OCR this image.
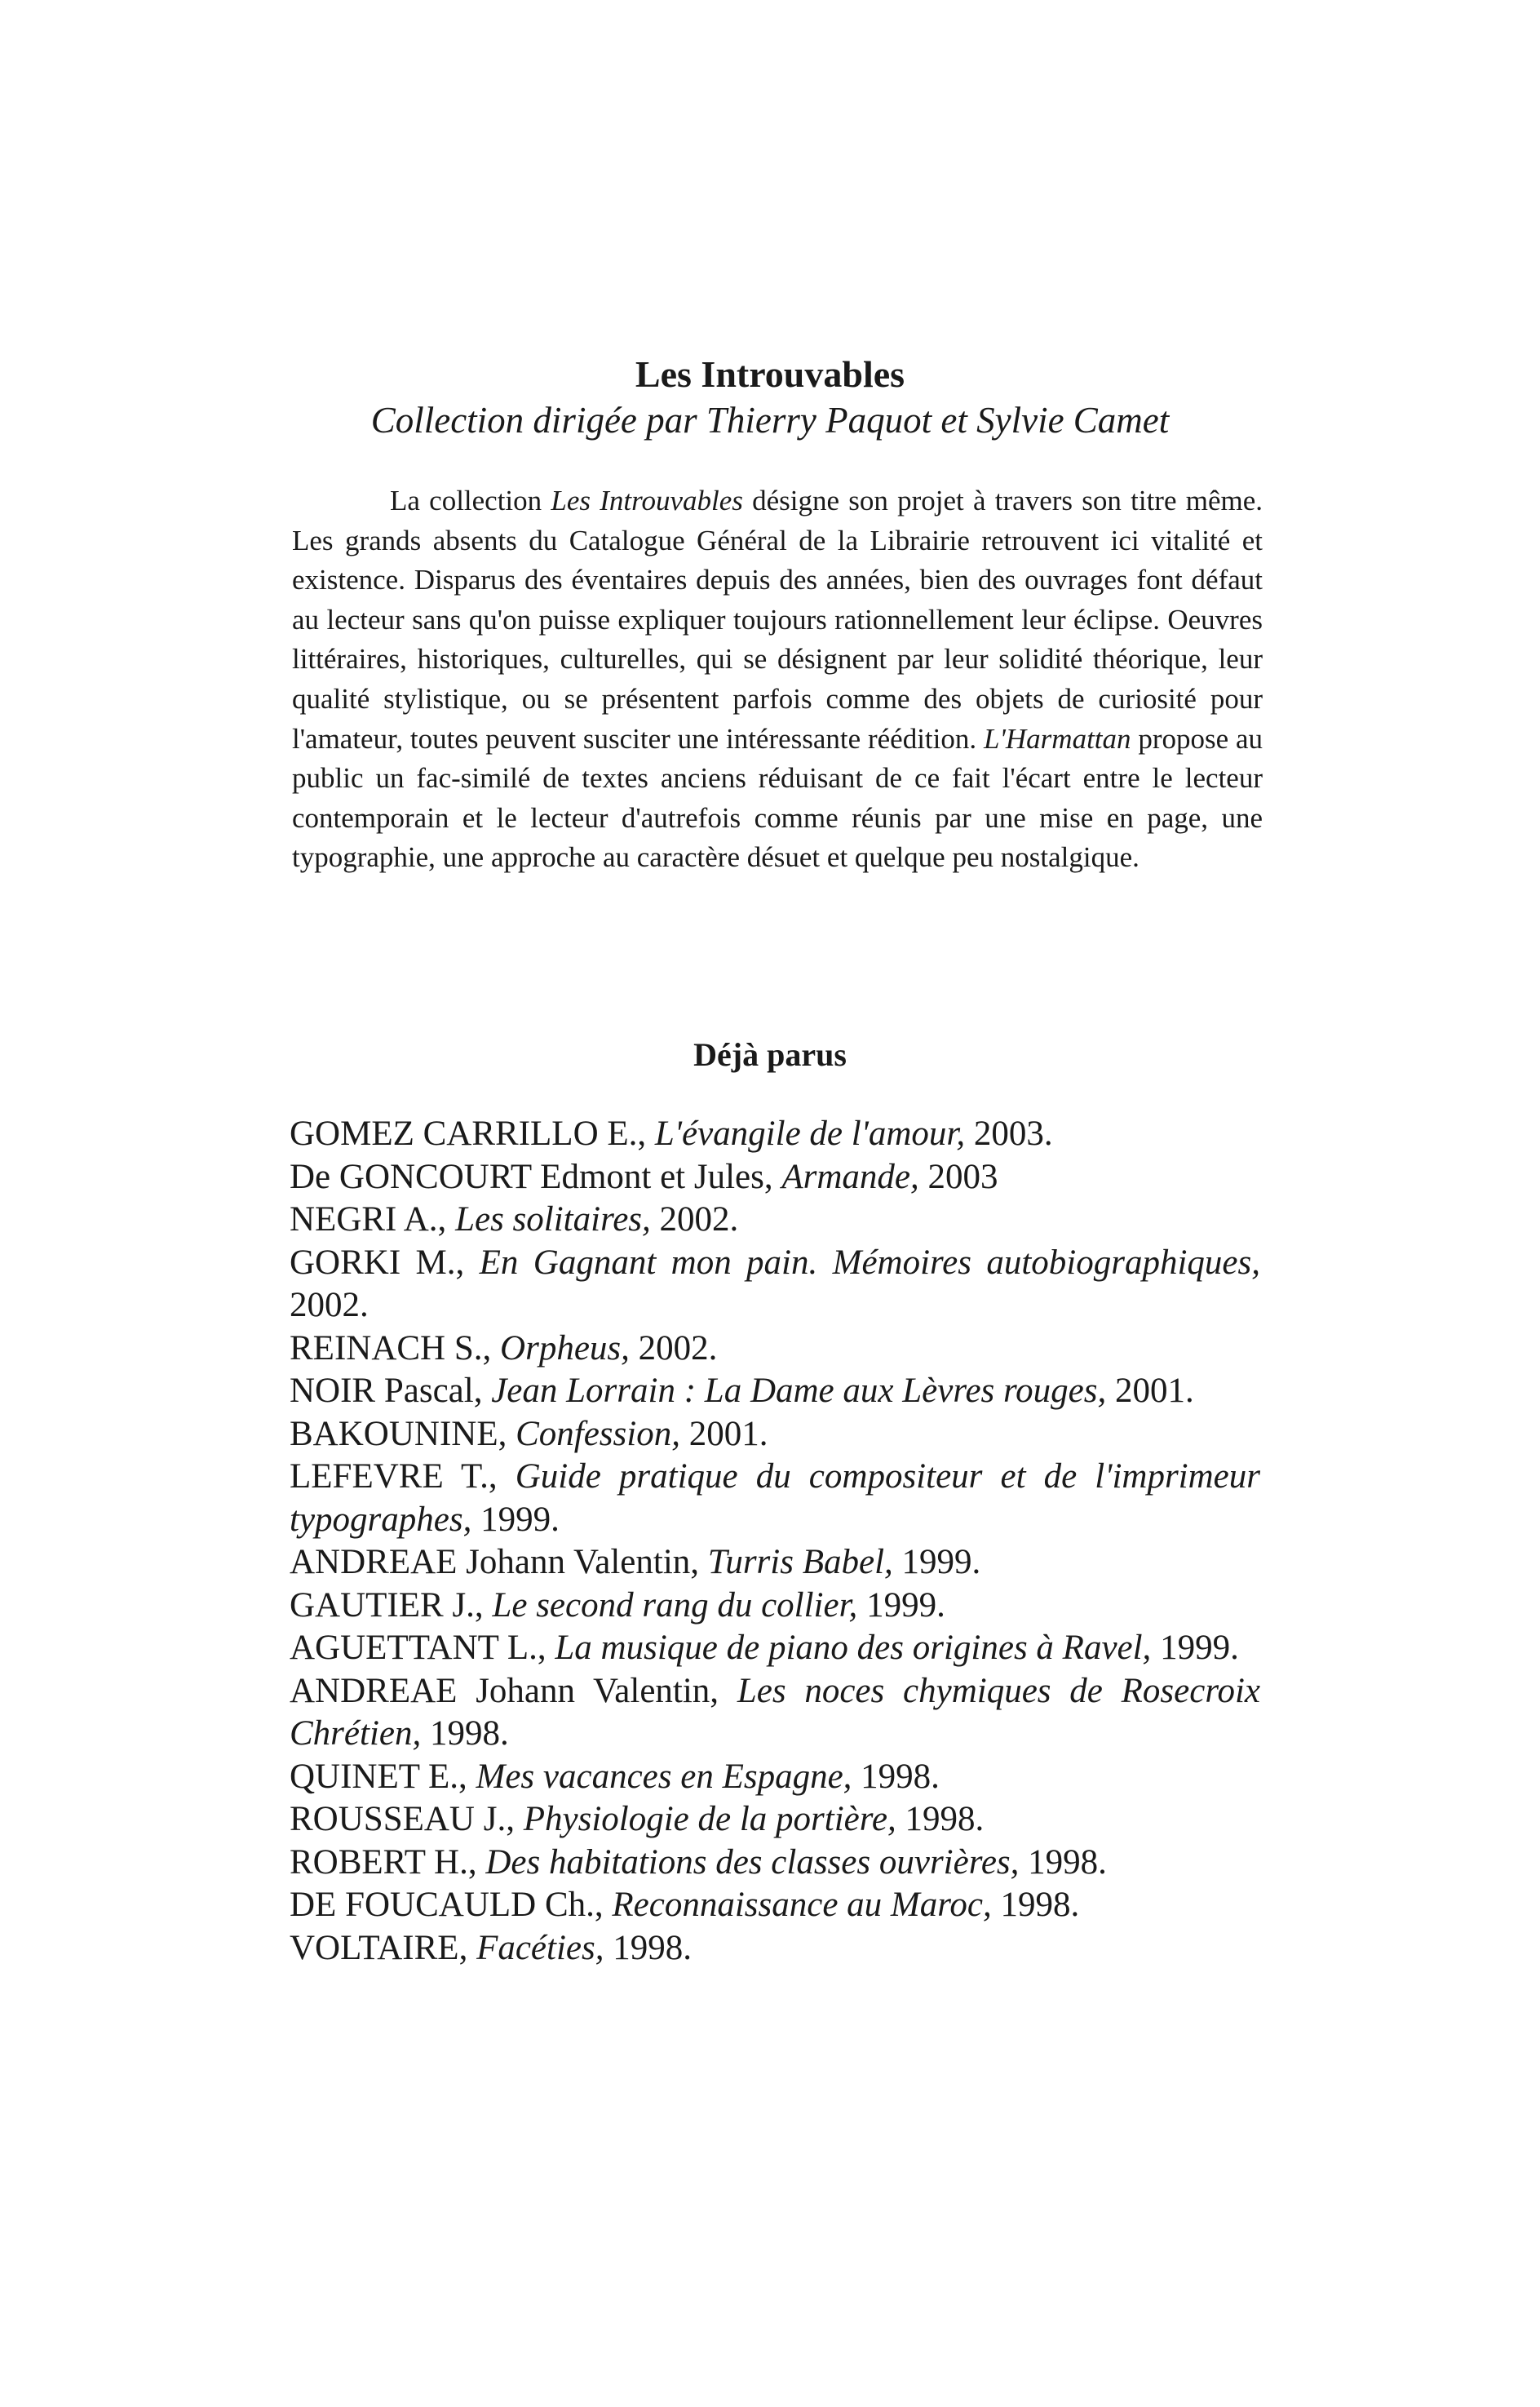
Les Introuvables
Collection dirigée par Thierry Paquot et Sylvie Camet

La collection Les Introuvables désigne son projet à travers son titre même. Les grands absents du Catalogue Général de la Librairie retrouvent ici vitalité et existence. Disparus des éventaires depuis des années, bien des ouvrages font défaut au lecteur sans qu'on puisse expliquer toujours rationnellement leur éclipse. Oeuvres littéraires, historiques, culturelles, qui se désignent par leur solidité théorique, leur qualité stylistique, ou se présentent parfois comme des objets de curiosité pour l'amateur, toutes peuvent susciter une intéressante réédition. L'Harmattan propose au public un fac-similé de textes anciens réduisant de ce fait l'écart entre le lecteur contemporain et le lecteur d'autrefois comme réunis par une mise en page, une typographie, une approche au caractère désuet et quelque peu nostalgique.

Déjà parus
GOMEZ CARRILLO E., L'évangile de l'amour, 2003.
De GONCOURT Edmont et Jules, Armande, 2003
NEGRI A., Les solitaires, 2002.
GORKI M., En Gagnant mon pain. Mémoires autobiographiques, 2002.
REINACH S., Orpheus, 2002.
NOIR Pascal, Jean Lorrain : La Dame aux Lèvres rouges, 2001.
BAKOUNINE, Confession, 2001.
LEFEVRE T., Guide pratique du compositeur et de l'imprimeur typographes, 1999.
ANDREAE Johann Valentin, Turris Babel, 1999.
GAUTIER J., Le second rang du collier, 1999.
AGUETTANT L., La musique de piano des origines à Ravel, 1999.
ANDREAE Johann Valentin, Les noces chymiques de Rosecroix Chrétien, 1998.
QUINET E., Mes vacances en Espagne, 1998.
ROUSSEAU J., Physiologie de la portière, 1998.
ROBERT H., Des habitations des classes ouvrières, 1998.
DE FOUCAULD Ch., Reconnaissance au Maroc, 1998.
VOLTAIRE, Facéties, 1998.
